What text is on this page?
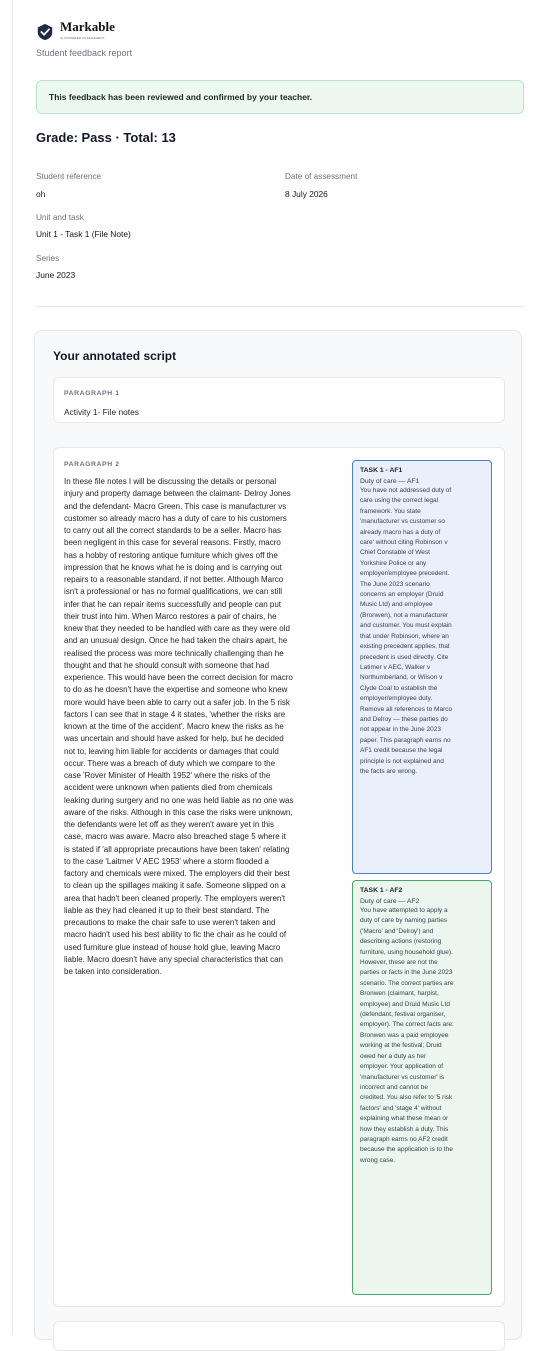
Markable
AI-POWERED ASSESSMENT
Student feedback report
This feedback has been reviewed and confirmed by your teacher.
Grade: Pass · Total: 13
Student reference
oh
Date of assessment
8 July 2026
Unit and task
Unit 1 - Task 1 (File Note)
Series
June 2023
Your annotated script
PARAGRAPH 1
Activity 1- File notes
PARAGRAPH 2

In these file notes I will be discussing the details or personal
injury and property damage between the claimant- Delroy Jones
and the defendant- Macro Green. This case is manufacturer vs
customer so already macro has a duty of care to his customers
to carry out all the correct standards to be a seller. Macro has
been negligent in this case for several reasons. Firstly, macro
has a hobby of restoring antique furniture which gives off the
impression that he knows what he is doing and is carrying out
repairs to a reasonable standard, if not better. Although Marco
isn't a professional or has no formal qualifications, we can still
infer that he can repair items successfully and people can put
their trust into him. When Marco restores a pair of chairs, he
knew that they needed to be handled with care as they were old
and an unusual design. Once he had taken the chairs apart, he
realised the process was more technically challenging than he
thought and that he should consult with someone that had
experience. This would have been the correct decision for macro
to do as he doesn't have the expertise and someone who knew
more would have been able to carry out a safer job. In the 5 risk
factors I can see that in stage 4 it states, 'whether the risks are
known at the time of the accident'. Macro knew the risks as he
was uncertain and should have asked for help, but he decided
not to, leaving him liable for accidents or damages that could
occur. There was a breach of duty which we compare to the
case 'Rover Minister of Health 1952' where the risks of the
accident were unknown when patients died from chemicals
leaking during surgery and no one was held liable as no one was
aware of the risks. Although in this case the risks were unknown,
the defendants were let off as they weren't aware yet in this
case, macro was aware. Macro also breached stage 5 where it
is stated if 'all appropriate precautions have been taken' relating
to the case 'Laitmer V AEC 1953' where a storm flooded a
factory and chemicals were mixed. The employers did their best
to clean up the spillages making it safe. Someone slipped on a
area that hadn't been cleaned properly. The employers weren't
liable as they had cleaned it up to their best standard. The
precautions to make the chair safe to use weren't taken and
macro hadn't used his best ability to fic the chair as he could of
used furniture glue instead of house hold glue, leaving Macro
liable. Macro doesn't have any special characteristics that can
be taken into consideration.

TASK 1 - AF1
Duty of care — AF1
You have not addressed duty of
care using the correct legal
framework. You state
'manufacturer vs customer so
already macro has a duty of
care' without citing Robinson v
Chief Constable of West
Yorkshire Police or any
employer/employee precedent.
The June 2023 scenario
concerns an employer (Druid
Music Ltd) and employee
(Bronwen), not a manufacturer
and customer. You must explain
that under Robinson, where an
existing precedent applies, that
precedent is used directly. Cite
Latimer v AEC, Walker v
Northumberland, or Wilson v
Clyde Coal to establish the
employer/employee duty.
Remove all references to Marco
and Delroy — these parties do
not appear in the June 2023
paper. This paragraph earns no
AF1 credit because the legal
principle is not explained and
the facts are wrong.
TASK 1 - AF2
Duty of care — AF2
You have attempted to apply a
duty of care by naming parties
('Macro' and 'Delroy') and
describing actions (restoring
furniture, using household glue).
However, these are not the
parties or facts in the June 2023
scenario. The correct parties are
Bronwen (claimant, harpist,
employee) and Druid Music Ltd
(defendant, festival organiser,
employer). The correct facts are:
Bronwen was a paid employee
working at the festival; Druid
owed her a duty as her
employer. Your application of
'manufacturer vs customer' is
incorrect and cannot be
credited. You also refer to '5 risk
factors' and 'stage 4' without
explaining what these mean or
how they establish a duty. This
paragraph earns no AF2 credit
because the application is to the
wrong case.
